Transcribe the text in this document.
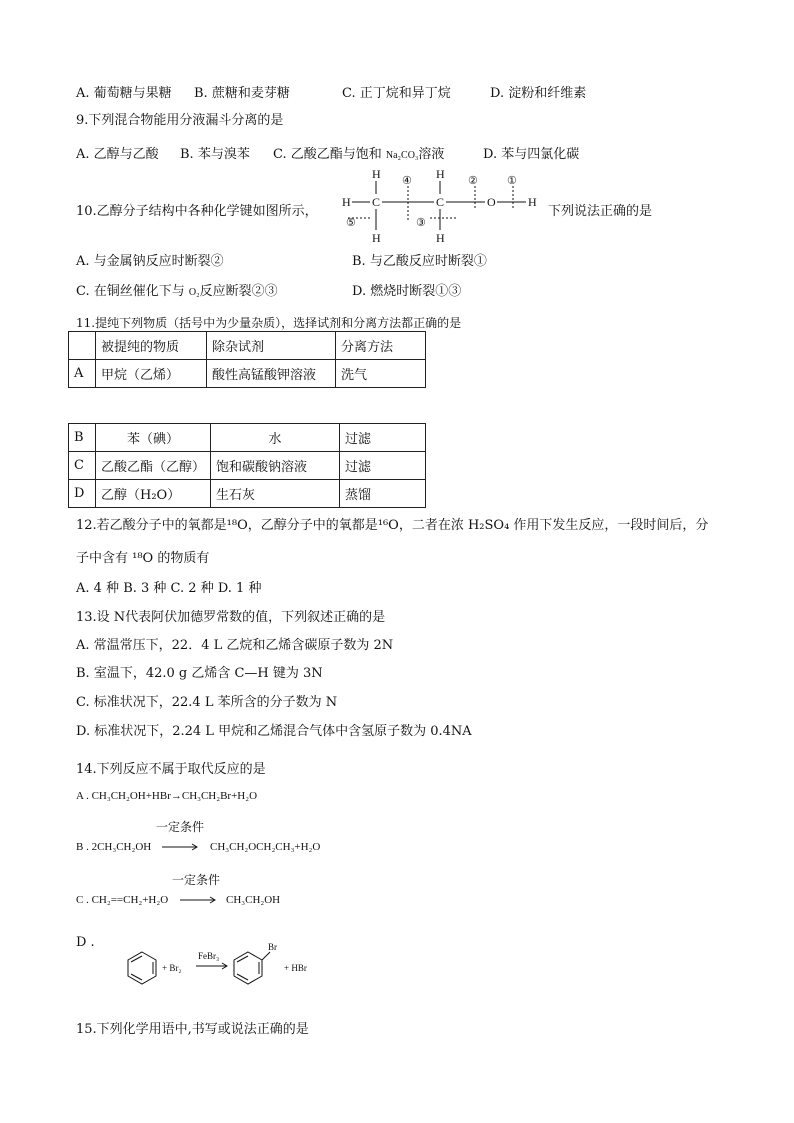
A. 葡萄糖与果糖 B. 蔗糖和麦芽糖	C. 正丁烷和异丁烷	D. 淀粉和纤维素
9.下列混合物能用分液漏斗分离的是
A. 乙醇与乙酸 B. 苯与溴苯 C. 乙酸乙酯与饱和 Na₂CO₃溶液	D. 苯与四氯化碳
10.乙醇分子结构中各种化学键如图所示，
H	H
H C	C	O	H
H	H
④	②	①
⑤	③
下列说法正确的是
A. 与金属钠反应时断裂②	B. 与乙酸反应时断裂①
C. 在铜丝催化下与 O₂反应断裂②③	D. 燃烧时断裂①③
11.提纯下列物质（括号中为少量杂质），选择试剂和分离方法都正确的是
	被提纯的物质	除杂试剂	分离方法
A	甲烷（乙烯）	酸性高锰酸钾溶液	洗气
B	苯（碘）	水	过滤
C	乙酸乙酯（乙醇）	饱和碳酸钠溶液	过滤
D	乙醇（H₂O）	生石灰	蒸馏
12.若乙酸分子中的氧都是¹⁸O，乙醇分子中的氧都是¹⁶O，二者在浓 H₂SO₄ 作用下发生反应，一段时间后，分
子中含有 ¹⁸O 的物质有
A. 4 种 B. 3 种 C. 2 种 D. 1 种
13.设 N代表阿伏加德罗常数的值，下列叙述正确的是
A. 常温常压下，22．4 L 乙烷和乙烯含碳原子数为 2N
B. 室温下，42.0 g 乙烯含 C—H 键为 3N
C. 标准状况下，22.4 L 苯所含的分子数为 N
D. 标准状况下，2.24 L 甲烷和乙烯混合气体中含氢原子数为 0.4NA
14.下列反应不属于取代反应的是
A . CH₃CH₂OH+HBr→CH₃CH₂Br+H₂O
一定条件
B . 2CH₃CH₂OH	CH₃CH₂OCH₂CH₃+H₂O
一定条件
C . CH₂==CH₂+H₂O	CH₃CH₂OH
D .
+ Br₂
FeBr₃
Br
+ HBr
15.下列化学用语中,书写或说法正确的是
